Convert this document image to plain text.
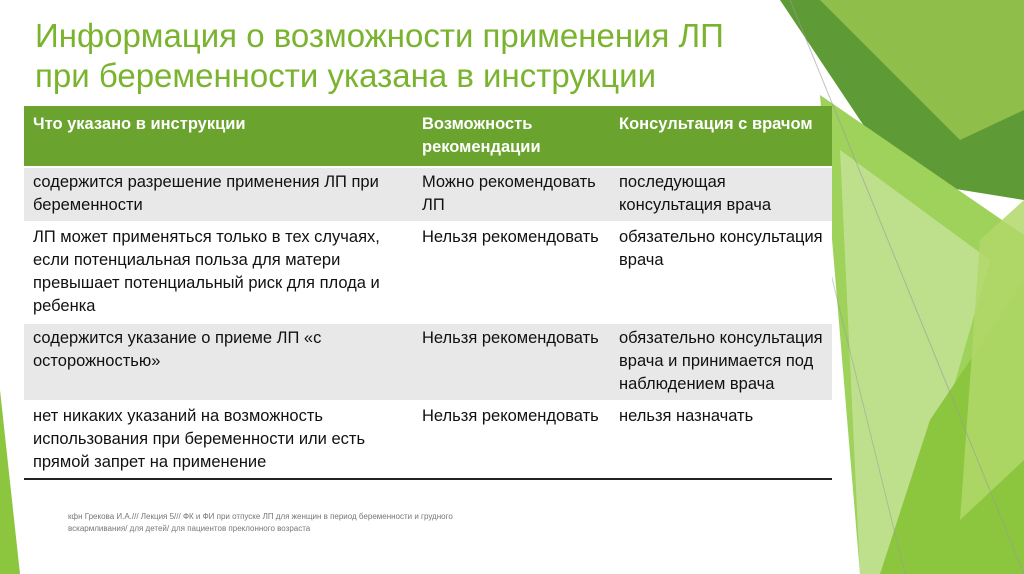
Информация о возможности применения ЛП
при беременности указана в инструкции
Что указано в инструкции	Возможность рекомендации	Консультация с врачом
содержится разрешение применения ЛП при беременности	Можно рекомендовать ЛП	последующая консультация врача
ЛП может применяться только в тех случаях, если потенциальная польза для матери превышает потенциальный риск для плода и ребенка	Нельзя рекомендовать	обязательно консультация врача
содержится указание о приеме ЛП «с осторожностью»	Нельзя рекомендовать	обязательно консультация врача и принимается под наблюдением врача
нет никаких указаний на возможность использования при беременности или есть прямой запрет на применение	Нельзя рекомендовать	нельзя назначать
кфн Грекова И.А./// Лекция 5/// ФК и ФИ при отпуске ЛП для женщин в период беременности и грудного
вскармливания/ для детей/ для пациентов преклонного возраста
